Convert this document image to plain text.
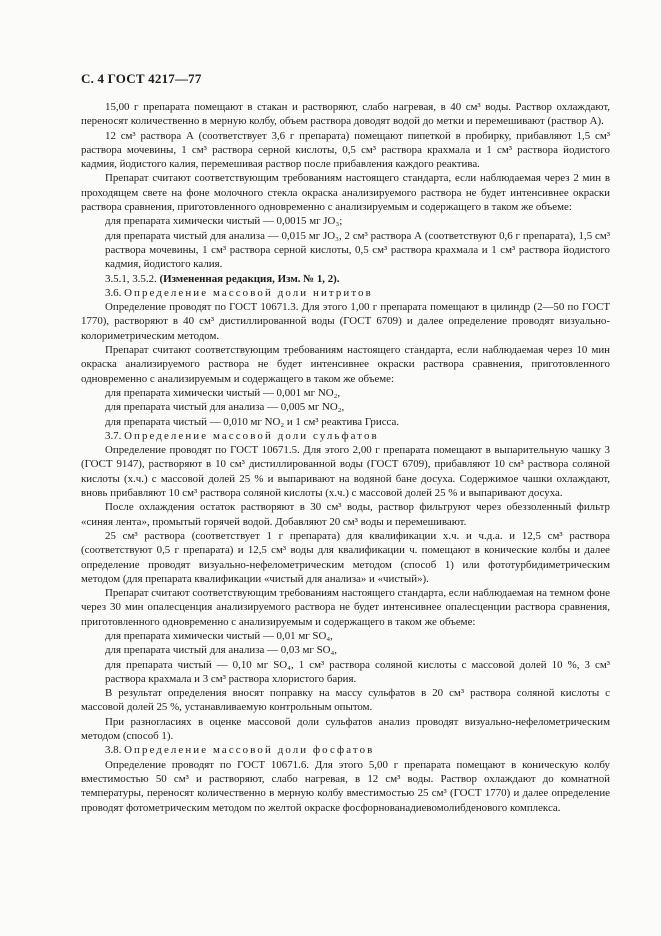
С. 4 ГОСТ 4217—77

15,00 г препарата помещают в стакан и растворяют, слабо нагревая, в 40 см³ воды. Раствор охлаждают, переносят количественно в мерную колбу, объем раствора доводят водой до метки и перемешивают (раствор А).

12 см³ раствора А (соответствует 3,6 г препарата) помещают пипеткой в пробирку, прибавляют 1,5 см³ раствора мочевины, 1 см³ раствора серной кислоты, 0,5 см³ раствора крахмала и 1 см³ раствора йодистого кадмия, йодистого калия, перемешивая раствор после прибавления каждого реактива.

Препарат считают соответствующим требованиям настоящего стандарта, если наблюдаемая через 2 мин в проходящем свете на фоне молочного стекла окраска анализируемого раствора не будет интенсивнее окраски раствора сравнения, приготовленного одновременно с анализируемым и содержащего в таком же объеме:

для препарата химически чистый — 0,0015 мг JO₃;

для препарата чистый для анализа — 0,015 мг JO₃, 2 см³ раствора А (соответствуют 0,6 г препарата), 1,5 см³ раствора мочевины, 1 см³ раствора серной кислоты, 0,5 см³ раствора крахмала и 1 см³ раствора йодистого кадмия, йодистого калия.

3.5.1, 3.5.2. (Измененная редакция, Изм. № 1, 2).

3.6. Определение массовой доли нитритов

Определение проводят по ГОСТ 10671.3. Для этого 1,00 г препарата помещают в цилиндр (2—50 по ГОСТ 1770), растворяют в 40 см³ дистиллированной воды (ГОСТ 6709) и далее определение проводят визуально-колориметрическим методом.

Препарат считают соответствующим требованиям настоящего стандарта, если наблюдаемая через 10 мин окраска анализируемого раствора не будет интенсивнее окраски раствора сравнения, приготовленного одновременно с анализируемым и содержащего в таком же объеме:

для препарата химически чистый — 0,001 мг NO₂,

для препарата чистый для анализа — 0,005 мг NO₂,

для препарата чистый — 0,010 мг NO₂ и 1 см³ реактива Грисса.

3.7. Определение массовой доли сульфатов

Определение проводят по ГОСТ 10671.5. Для этого 2,00 г препарата помещают в выпарительную чашку 3 (ГОСТ 9147), растворяют в 10 см³ дистиллированной воды (ГОСТ 6709), прибавляют 10 см³ раствора соляной кислоты (х.ч.) с массовой долей 25 % и выпаривают на водяной бане досуха. Содержимое чашки охлаждают, вновь прибавляют 10 см³ раствора соляной кислоты (х.ч.) с массовой долей 25 % и выпаривают досуха.

После охлаждения остаток растворяют в 30 см³ воды, раствор фильтруют через обеззоленный фильтр «синяя лента», промытый горячей водой. Добавляют 20 см³ воды и перемешивают.

25 см³ раствора (соответствует 1 г препарата) для квалификации х.ч. и ч.д.а. и 12,5 см³ раствора (соответствуют 0,5 г препарата) и 12,5 см³ воды для квалификации ч. помещают в конические колбы и далее определение проводят визуально-нефелометрическим методом (способ 1) или фототурбидиметрическим методом (для препарата квалификации «чистый для анализа» и «чистый»).

Препарат считают соответствующим требованиям настоящего стандарта, если наблюдаемая на темном фоне через 30 мин опалесценция анализируемого раствора не будет интенсивнее опалесценции раствора сравнения, приготовленного одновременно с анализируемым и содержащего в таком же объеме:

для препарата химически чистый — 0,01 мг SO₄,

для препарата чистый для анализа — 0,03 мг SO₄,

для препарата чистый — 0,10 мг SO₄, 1 см³ раствора соляной кислоты с массовой долей 10 %, 3 см³ раствора крахмала и 3 см³ раствора хлористого бария.

В результат определения вносят поправку на массу сульфатов в 20 см³ раствора соляной кислоты с массовой долей 25 %, устанавливаемую контрольным опытом.

При разногласиях в оценке массовой доли сульфатов анализ проводят визуально-нефелометрическим методом (способ 1).

3.8. Определение массовой доли фосфатов

Определение проводят по ГОСТ 10671.6. Для этого 5,00 г препарата помещают в коническую колбу вместимостью 50 см³ и растворяют, слабо нагревая, в 12 см³ воды. Раствор охлаждают до комнатной температуры, переносят количественно в мерную колбу вместимостью 25 см³ (ГОСТ 1770) и далее определение проводят фотометрическим методом по желтой окраске фосфорнованадиевомолибденового комплекса.
